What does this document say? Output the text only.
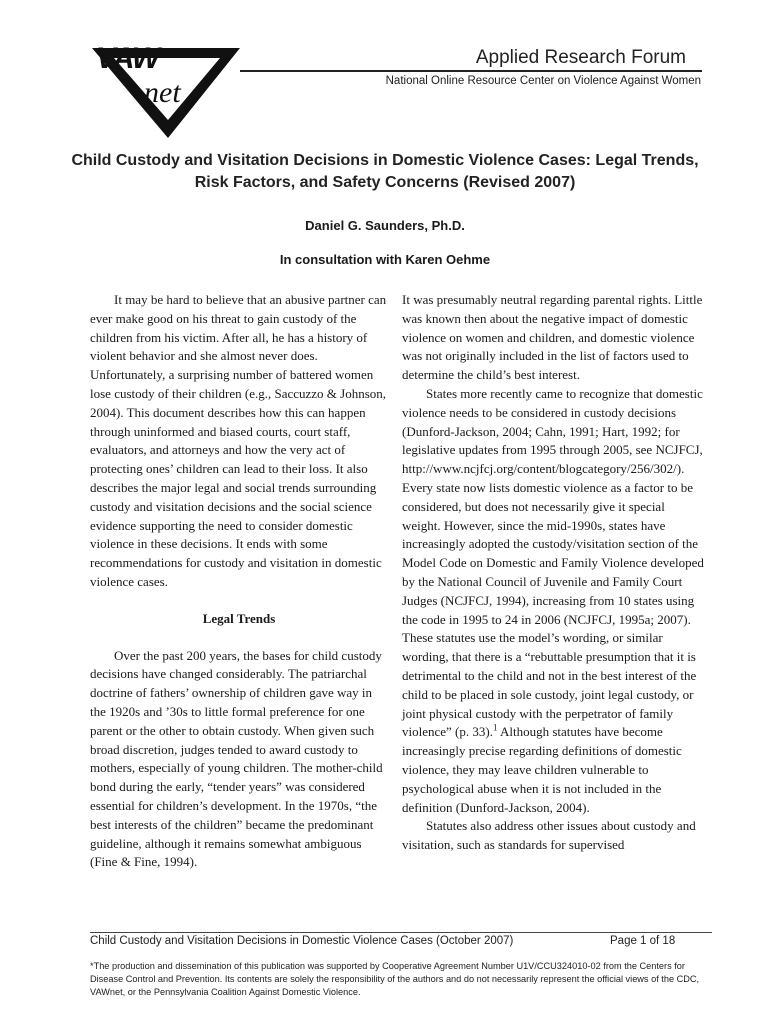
VAW
net
Applied Research Forum
National Online Resource Center on Violence Against Women
Child Custody and Visitation Decisions in Domestic Violence Cases: Legal Trends, Risk Factors, and Safety Concerns (Revised 2007)
Daniel G. Saunders, Ph.D.
In consultation with Karen Oehme

It may be hard to believe that an abusive partner can ever make good on his threat to gain custody of the children from his victim. After all, he has a history of violent behavior and she almost never does. Unfortunately, a surprising number of battered women lose custody of their children (e.g., Saccuzzo & Johnson, 2004). This document describes how this can happen through uninformed and biased courts, court staff, evaluators, and attorneys and how the very act of protecting ones’ children can lead to their loss. It also describes the major legal and social trends surrounding custody and visitation decisions and the social science evidence supporting the need to consider domestic violence in these decisions. It ends with some recommendations for custody and visitation in domestic violence cases.

Legal Trends

Over the past 200 years, the bases for child custody decisions have changed considerably. The patriarchal doctrine of fathers’ ownership of children gave way in the 1920s and ’30s to little formal preference for one parent or the other to obtain custody. When given such broad discretion, judges tended to award custody to mothers, especially of young children. The mother-child bond during the early, “tender years” was considered essential for children’s development. In the 1970s, “the best interests of the children” became the predominant guideline, although it remains somewhat ambiguous (Fine & Fine, 1994).

It was presumably neutral regarding parental rights. Little was known then about the negative impact of domestic violence on women and children, and domestic violence was not originally included in the list of factors used to determine the child’s best interest.

States more recently came to recognize that domestic violence needs to be considered in custody decisions (Dunford-Jackson, 2004; Cahn, 1991; Hart, 1992; for legislative updates from 1995 through 2005, see NCJFCJ, http://www.ncjfcj.org/content/blogcategory/256/302/). Every state now lists domestic violence as a factor to be considered, but does not necessarily give it special weight. However, since the mid-1990s, states have increasingly adopted the custody/visitation section of the Model Code on Domestic and Family Violence developed by the National Council of Juvenile and Family Court Judges (NCJFCJ, 1994), increasing from 10 states using the code in 1995 to 24 in 2006 (NCJFCJ, 1995a; 2007). These statutes use the model’s wording, or similar wording, that there is a “rebuttable presumption that it is detrimental to the child and not in the best interest of the child to be placed in sole custody, joint legal custody, or joint physical custody with the perpetrator of family violence” (p. 33).$^1$ Although statutes have become increasingly precise regarding definitions of domestic violence, they may leave children vulnerable to psychological abuse when it is not included in the definition (Dunford-Jackson, 2004).

Statutes also address other issues about custody and visitation, such as standards for supervised

Child Custody and Visitation Decisions in Domestic Violence Cases (October 2007)	Page 1 of 18
*The production and dissemination of this publication was supported by Cooperative Agreement Number U1V/CCU324010-02 from the Centers for Disease Control and Prevention. Its contents are solely the responsibility of the authors and do not necessarily represent the official views of the CDC, VAWnet, or the Pennsylvania Coalition Against Domestic Violence.
